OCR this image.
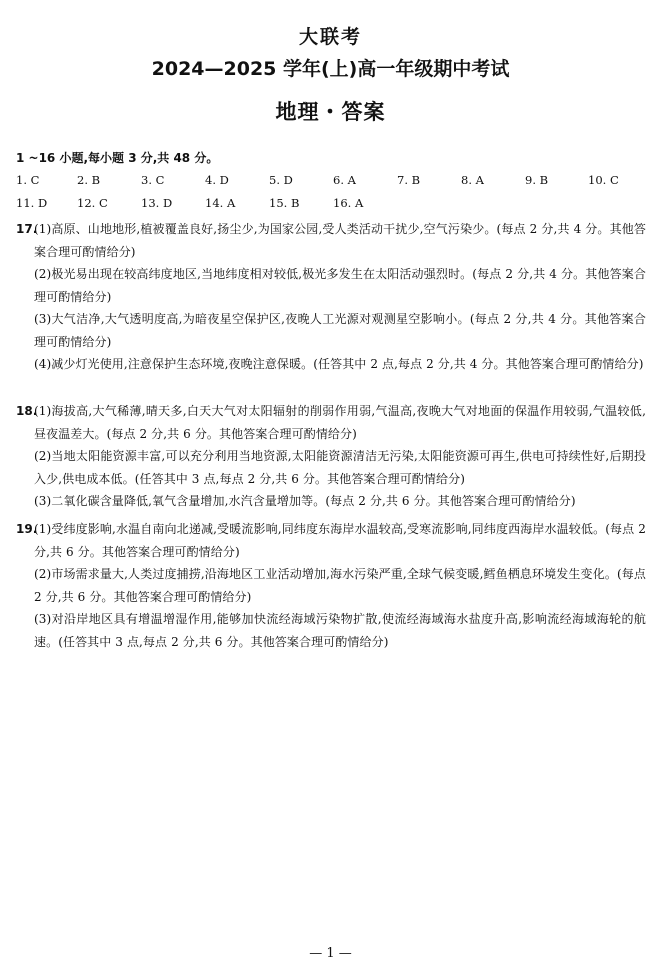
大联考
2024—2025 学年(上)高一年级期中考试
地理・答案
1 ~16 小题,每小题 3 分,共 48 分。
1. C	2. B	3. C	4. D	5. D	6. A	7. B	8. A	9. B	10. C
11. D	12. C	13. D	14. A	15. B	16. A
17.
(1)高原、山地地形,植被覆盖良好,扬尘少,为国家公园,受人类活动干扰少,空气污染少。(每点 2 分,共 4 分。其他答案合理可酌情给分)
(2)极光易出现在较高纬度地区,当地纬度相对较低,极光多发生在太阳活动强烈时。(每点 2 分,共 4 分。其他答案合理可酌情给分)
(3)大气洁净,大气透明度高,为暗夜星空保护区,夜晚人工光源对观测星空影响小。(每点 2 分,共 4 分。其他答案合理可酌情给分)
(4)减少灯光使用,注意保护生态环境,夜晚注意保暖。(任答其中 2 点,每点 2 分,共 4 分。其他答案合理可酌情给分)
18.
(1)海拔高,大气稀薄,晴天多,白天大气对太阳辐射的削弱作用弱,气温高,夜晚大气对地面的保温作用较弱,气温较低,昼夜温差大。(每点 2 分,共 6 分。其他答案合理可酌情给分)
(2)当地太阳能资源丰富,可以充分利用当地资源,太阳能资源清洁无污染,太阳能资源可再生,供电可持续性好,后期投入少,供电成本低。(任答其中 3 点,每点 2 分,共 6 分。其他答案合理可酌情给分)
(3)二氧化碳含量降低,氧气含量增加,水汽含量增加等。(每点 2 分,共 6 分。其他答案合理可酌情给分)
19.
(1)受纬度影响,水温自南向北递减,受暖流影响,同纬度东海岸水温较高,受寒流影响,同纬度西海岸水温较低。(每点 2 分,共 6 分。其他答案合理可酌情给分)
(2)市场需求量大,人类过度捕捞,沿海地区工业活动增加,海水污染严重,全球气候变暖,鳕鱼栖息环境发生变化。(每点 2 分,共 6 分。其他答案合理可酌情给分)
(3)对沿岸地区具有增温增湿作用,能够加快流经海域污染物扩散,使流经海域海水盐度升高,影响流经海域海轮的航速。(任答其中 3 点,每点 2 分,共 6 分。其他答案合理可酌情给分)
— 1 —
